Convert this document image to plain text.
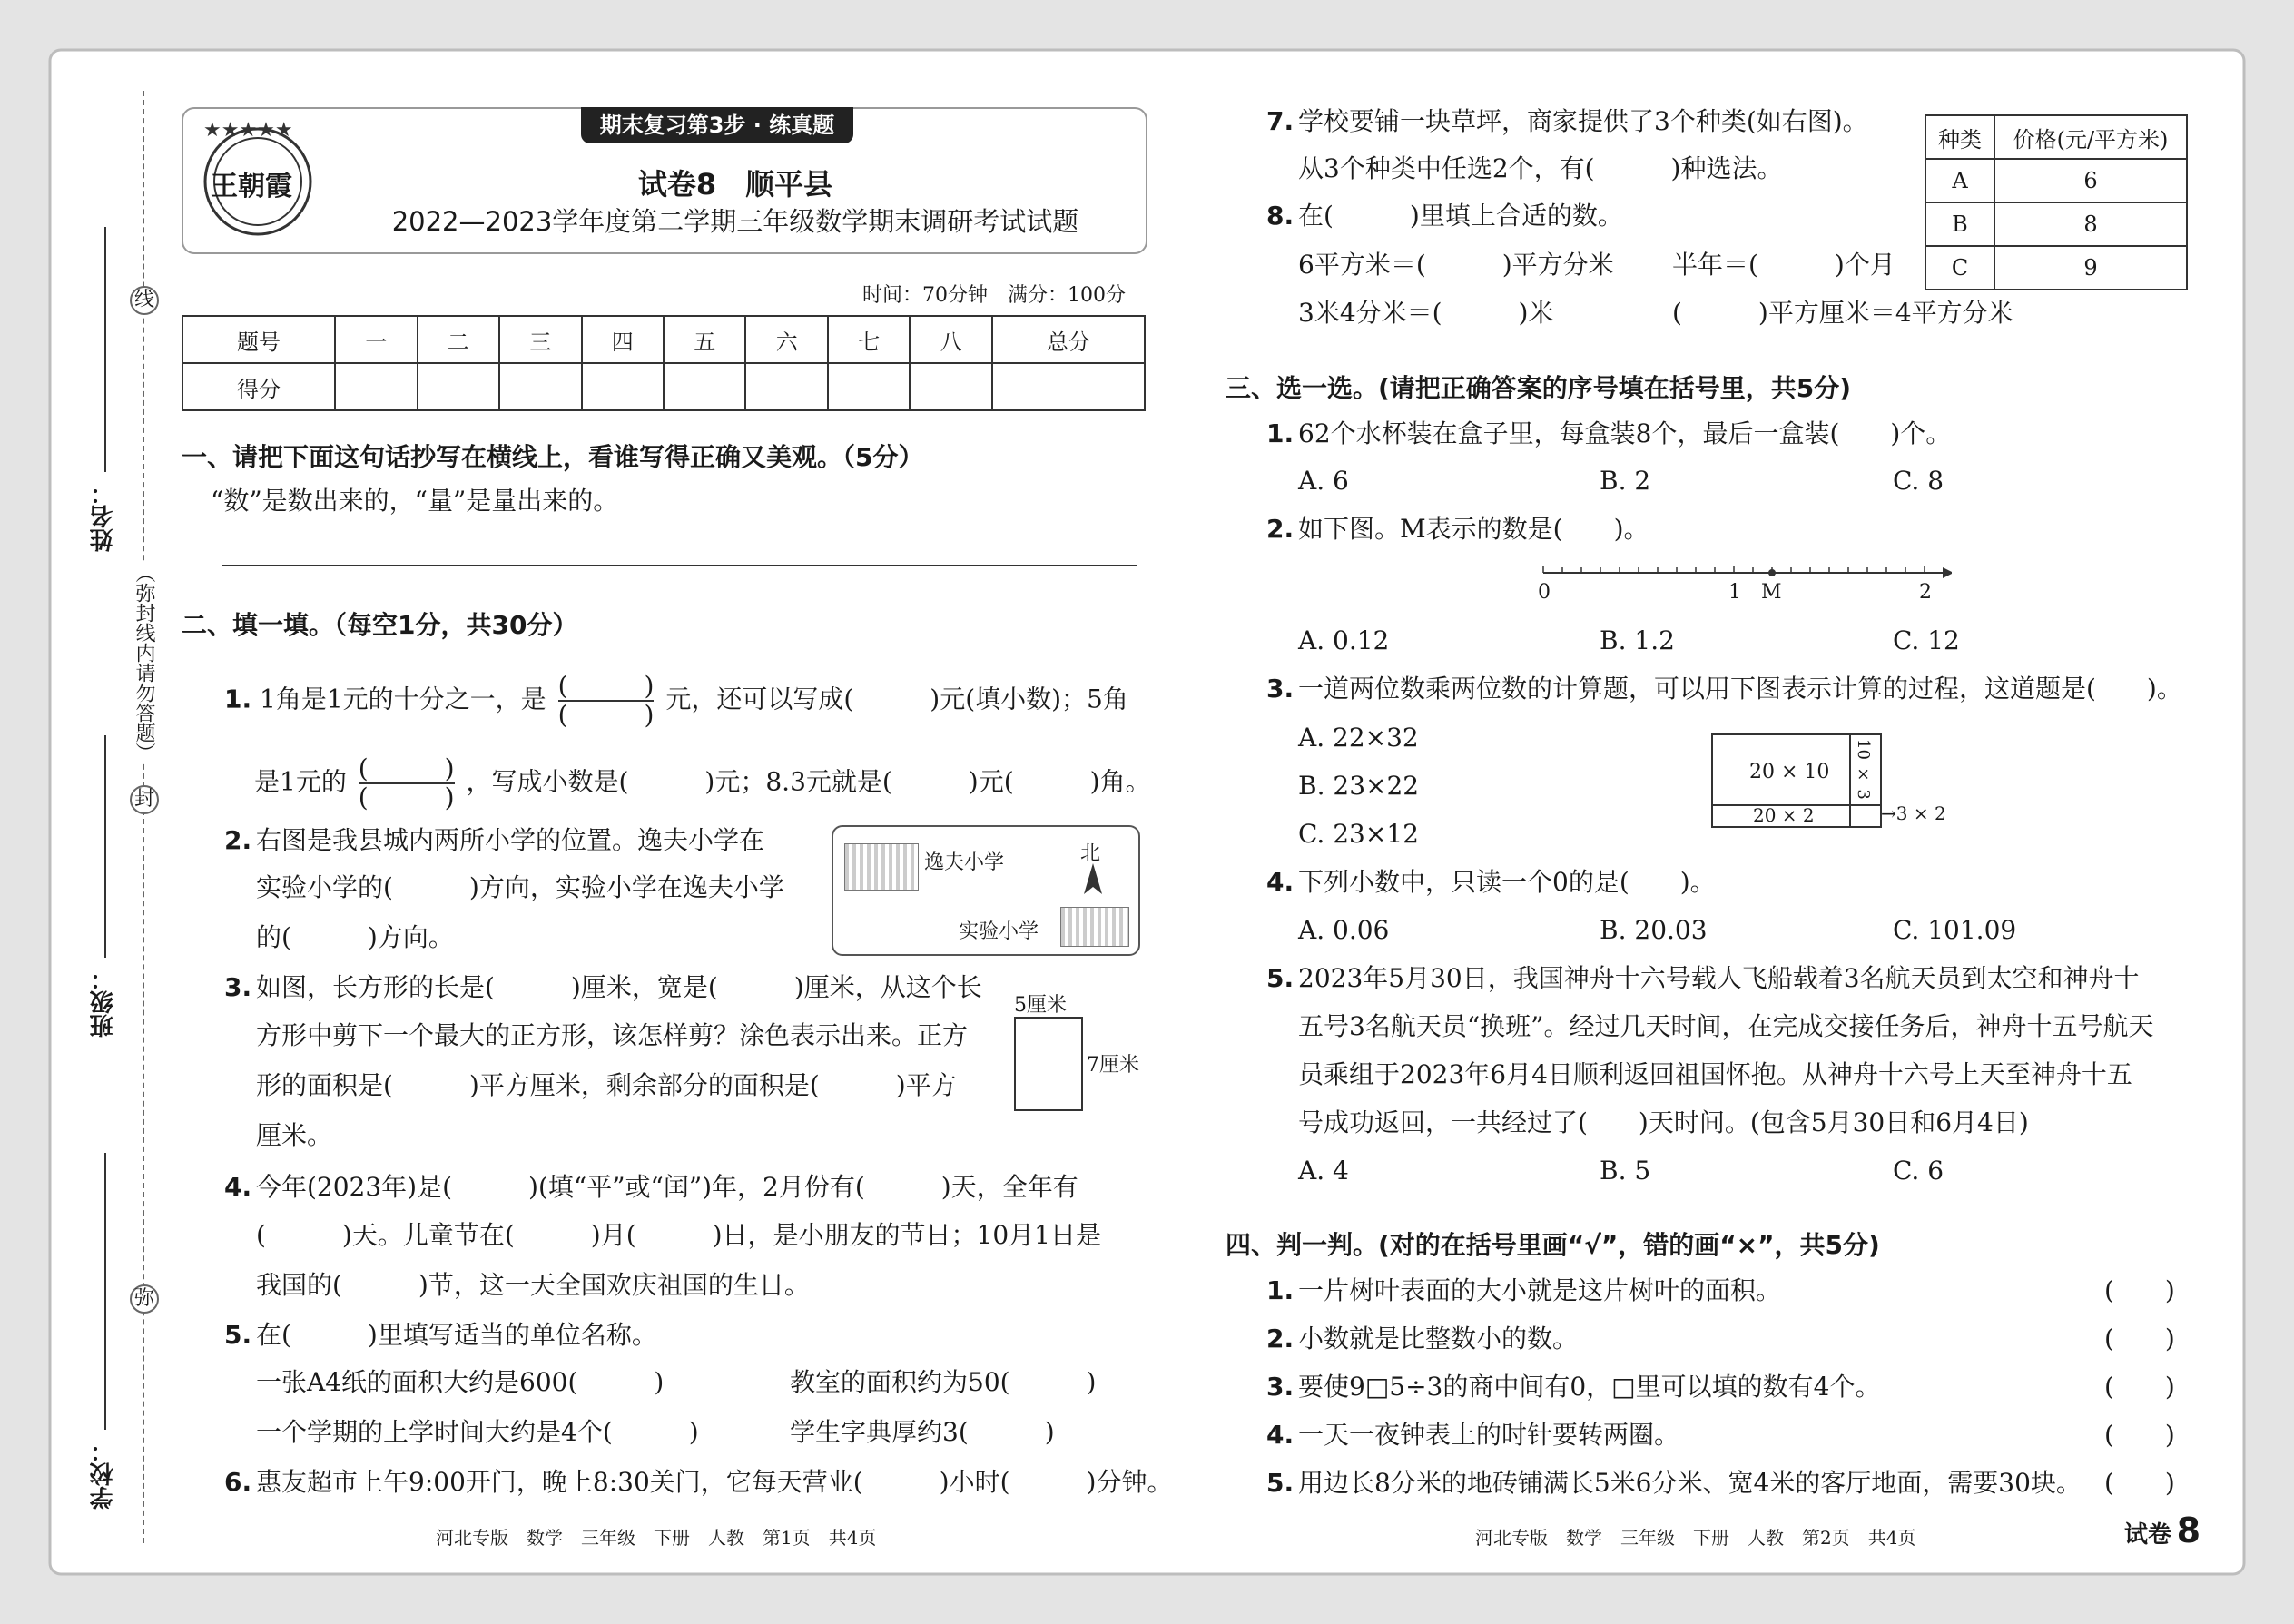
线
封
弥
（弥封线内请勿答题）
姓名：
班级：
学校：
期末复习第3步 · 练真题
★★★★★
王朝霞	试卷8　顺平县
2022—2023学年度第二学期三年级数学期末调研考试试题
时间：70分钟　满分：100分
题号	一	二	三	四	五	六	七	八	总分
得分									
一、请把下面这句话抄写在横线上，看谁写得正确又美观。（5分）
“数”是数出来的，“量”是量出来的。
二、填一填。（每空1分，共30分）
1. 1角是1元的十分之一，是 (　　　)
(　　　)
元，还可以写成(　　　)元(填小数)；5角
是1元的 (　　　)
(　　　)
，写成小数是(　　　)元；8.3元就是(　　　)元(　　　)角。
2. 右图是我县城内两所小学的位置。逸夫小学在
实验小学的(　　　)方向，实验小学在逸夫小学
的(　　　)方向。
逸夫小学	北
实验小学
3. 如图，长方形的长是(　　　)厘米，宽是(　　　)厘米，从这个长
方形中剪下一个最大的正方形，该怎样剪？涂色表示出来。正方
形的面积是(　　　)平方厘米，剩余部分的面积是(　　　)平方
厘米。
5厘米
7厘米
4. 今年(2023年)是(　　　)(填“平”或“闰”)年，2月份有(　　　)天，全年有
(　　　)天。儿童节在(　　　)月(　　　)日，是小朋友的节日；10月1日是
我国的(　　　)节，这一天全国欢庆祖国的生日。
5. 在(　　　)里填写适当的单位名称。
一张A4纸的面积大约是600(　　　)	教室的面积约为50(　　　)
一个学期的上学时间大约是4个(　　　)	学生字典厚约3(　　　)
6. 惠友超市上午9:00开门，晚上8:30关门，它每天营业(　　　)小时(　　　)分钟。
河北专版　数学　三年级　下册　人教　第1页　共4页
7. 学校要铺一块草坪，商家提供了3个种类(如右图)。
从3个种类中任选2个，有(　　　)种选法。
种类	价格(元/平方米)
A	6
B	8
C	9
8. 在(　　　)里填上合适的数。
6平方米＝(　　　)平方分米 半年＝(　　　)个月
3米4分米＝(　　　)米	(　　　)平方厘米＝4平方分米
三、选一选。(请把正确答案的序号填在括号里，共5分)
1. 62个水杯装在盒子里，每盒装8个，最后一盒装(　　)个。
A. 6	B. 2	C. 8
2. 如下图。M表示的数是(　　)。
0	1 M	2
A. 0.12	B. 1.2	C. 12
3. 一道两位数乘两位数的计算题，可以用下图表示计算的过程，这道题是(　　)。
A. 22×32
B. 23×22
C. 23×12
20 × 10 10 × 3
20 × 2	→3 × 2
4. 下列小数中，只读一个0的是(　　)。
A. 0.06	B. 20.03	C. 101.09
5. 2023年5月30日，我国神舟十六号载人飞船载着3名航天员到太空和神舟十
五号3名航天员“换班”。经过几天时间，在完成交接任务后，神舟十五号航天
员乘组于2023年6月4日顺利返回祖国怀抱。从神舟十六号上天至神舟十五
号成功返回，一共经过了(　　)天时间。(包含5月30日和6月4日)
A. 4	B. 5	C. 6
四、判一判。(对的在括号里画“√”，错的画“×”，共5分)
1. 一片树叶表面的大小就是这片树叶的面积。	(　　)
2. 小数就是比整数小的数。	(　　)
3. 要使9□5÷3的商中间有0，□里可以填的数有4个。	(　　)
4. 一天一夜钟表上的时针要转两圈。	(　　)
5. 用边长8分米的地砖铺满长5米6分米、宽4米的客厅地面，需要30块。 (　　)
河北专版　数学　三年级　下册　人教　第2页　共4页	试卷 8
